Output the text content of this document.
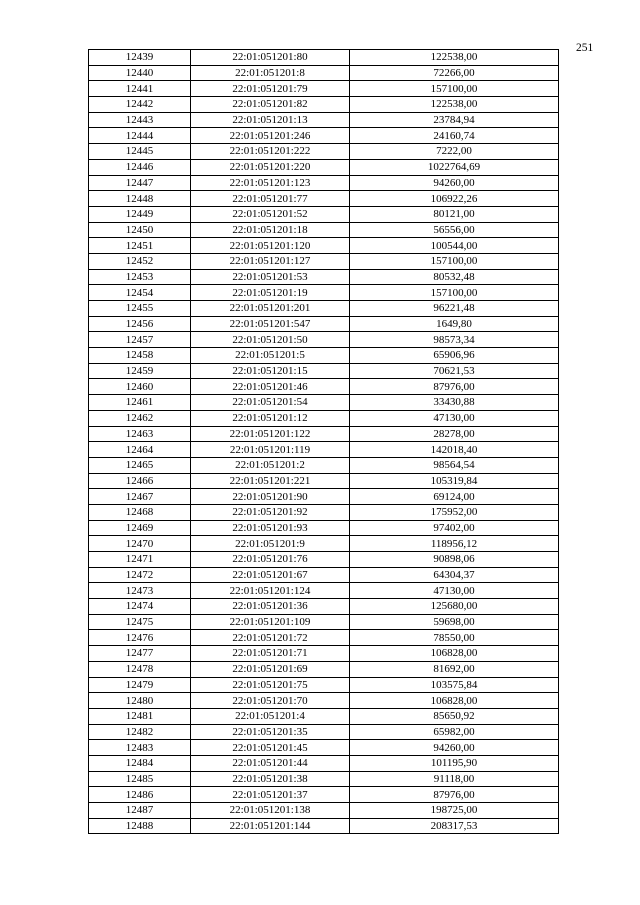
251
12439	22:01:051201:80	122538,00
12440	22:01:051201:8	72266,00
12441	22:01:051201:79	157100,00
12442	22:01:051201:82	122538,00
12443	22:01:051201:13	23784,94
12444	22:01:051201:246	24160,74
12445	22:01:051201:222	7222,00
12446	22:01:051201:220	1022764,69
12447	22:01:051201:123	94260,00
12448	22:01:051201:77	106922,26
12449	22:01:051201:52	80121,00
12450	22:01:051201:18	56556,00
12451	22:01:051201:120	100544,00
12452	22:01:051201:127	157100,00
12453	22:01:051201:53	80532,48
12454	22:01:051201:19	157100,00
12455	22:01:051201:201	96221,48
12456	22:01:051201:547	1649,80
12457	22:01:051201:50	98573,34
12458	22:01:051201:5	65906,96
12459	22:01:051201:15	70621,53
12460	22:01:051201:46	87976,00
12461	22:01:051201:54	33430,88
12462	22:01:051201:12	47130,00
12463	22:01:051201:122	28278,00
12464	22:01:051201:119	142018,40
12465	22:01:051201:2	98564,54
12466	22:01:051201:221	105319,84
12467	22:01:051201:90	69124,00
12468	22:01:051201:92	175952,00
12469	22:01:051201:93	97402,00
12470	22:01:051201:9	118956,12
12471	22:01:051201:76	90898,06
12472	22:01:051201:67	64304,37
12473	22:01:051201:124	47130,00
12474	22:01:051201:36	125680,00
12475	22:01:051201:109	59698,00
12476	22:01:051201:72	78550,00
12477	22:01:051201:71	106828,00
12478	22:01:051201:69	81692,00
12479	22:01:051201:75	103575,84
12480	22:01:051201:70	106828,00
12481	22:01:051201:4	85650,92
12482	22:01:051201:35	65982,00
12483	22:01:051201:45	94260,00
12484	22:01:051201:44	101195,90
12485	22:01:051201:38	91118,00
12486	22:01:051201:37	87976,00
12487	22:01:051201:138	198725,00
12488	22:01:051201:144	208317,53
